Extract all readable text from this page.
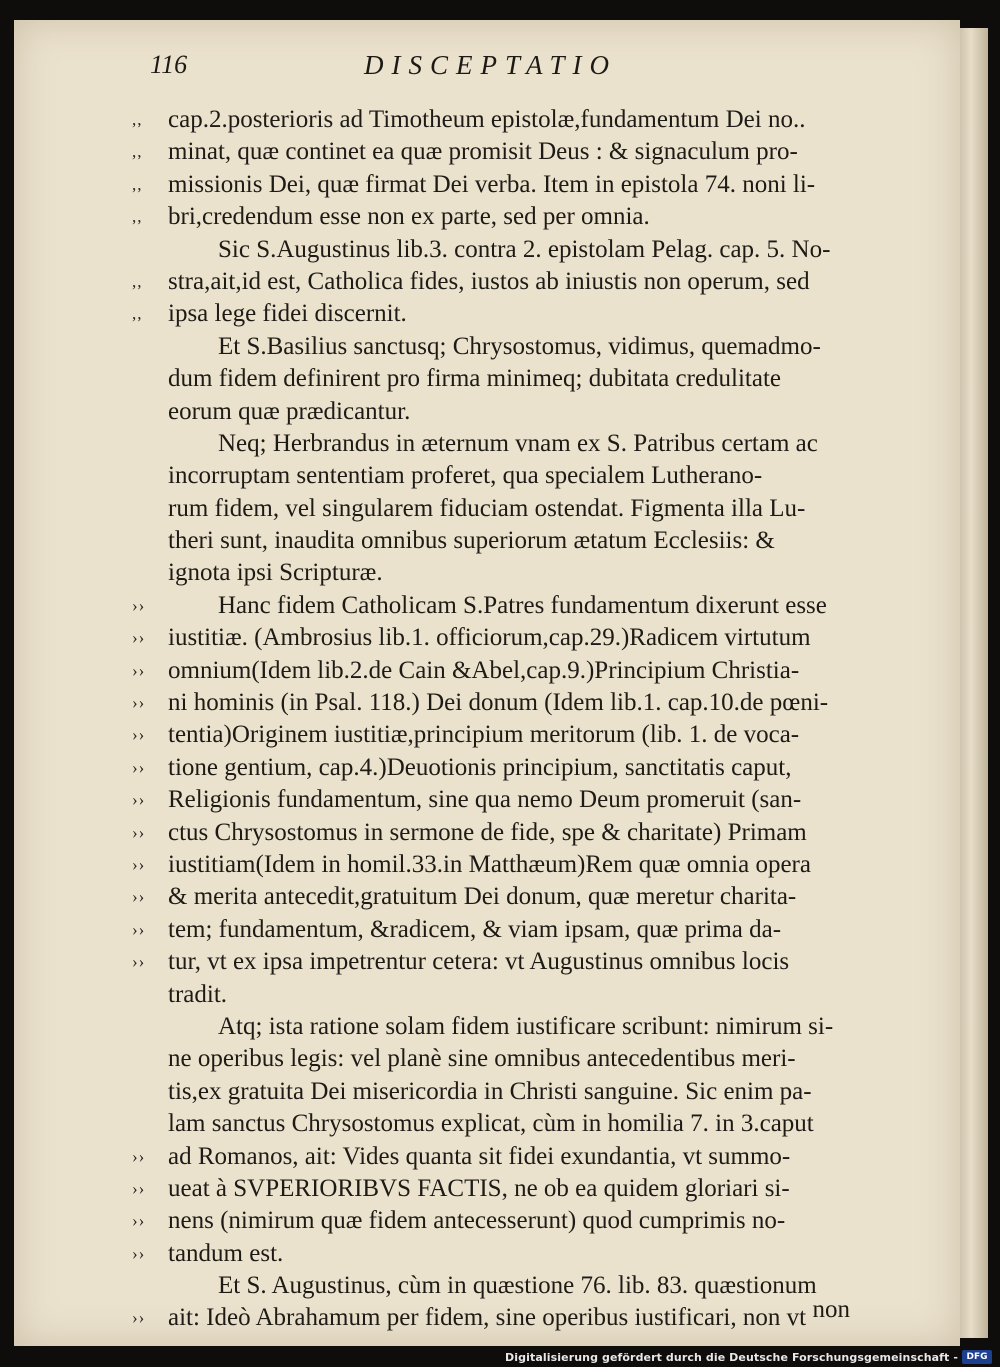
116	DISCEPTATIO
,,	cap.2.posterioris ad Timotheum epistolæ,fundamentum Dei no..
,,	minat, quæ continet ea quæ promisit Deus : & signaculum pro-
,,	missionis Dei, quæ firmat Dei verba. Item in epistola 74. noni li-
,,	bri,credendum esse non ex parte, sed per omnia.
Sic S.Augustinus lib.3. contra 2. epistolam Pelag. cap. 5. No-
,,	stra,ait,id est, Catholica fides, iustos ab iniustis non operum, sed
,,	ipsa lege fidei discernit.
Et S.Basilius sanctusq; Chrysostomus, vidimus, quemadmo-
dum fidem definirent pro firma minimeq; dubitata credulitate
eorum quæ prædicantur.
Neq; Herbrandus in æternum vnam ex S. Patribus certam ac
incorruptam sententiam proferet, qua specialem Lutherano-
rum fidem, vel singularem fiduciam ostendat. Figmenta illa Lu-
theri sunt, inaudita omnibus superiorum ætatum Ecclesiis: &
ignota ipsi Scripturæ.
››	Hanc fidem Catholicam S.Patres fundamentum dixerunt esse
›› iustitiæ. (Ambrosius lib.1. officiorum,cap.29.)Radicem virtutum
›› omnium(Idem lib.2.de Cain &Abel,cap.9.)Principium Christia-
›› ni hominis (in Psal. 118.) Dei donum (Idem lib.1. cap.10.de pœni-
›› tentia)Originem iustitiæ,principium meritorum (lib. 1. de voca-
›› tione gentium, cap.4.)Deuotionis principium, sanctitatis caput,
›› Religionis fundamentum, sine qua nemo Deum promeruit (san-
›› ctus Chrysostomus in sermone de fide, spe & charitate) Primam
›› iustitiam(Idem in homil.33.in Matthæum)Rem quæ omnia opera
›› & merita antecedit,gratuitum Dei donum, quæ meretur charita-
›› tem; fundamentum, &radicem, & viam ipsam, quæ prima da-
›› tur, vt ex ipsa impetrentur cetera: vt Augustinus omnibus locis
tradit.
Atq; ista ratione solam fidem iustificare scribunt: nimirum si-
ne operibus legis: vel planè sine omnibus antecedentibus meri-
tis,ex gratuita Dei misericordia in Christi sanguine. Sic enim pa-
lam sanctus Chrysostomus explicat, cùm in homilia 7. in 3.caput
›› ad Romanos, ait: Vides quanta sit fidei exundantia, vt summo-
›› ueat à SVPERIORIBVS FACTIS, ne ob ea quidem gloriari si-
›› nens (nimirum quæ fidem antecesserunt) quod cumprimis no-
›› tandum est.
Et S. Augustinus, cùm in quæstione 76. lib. 83. quæstionum
›› ait: Ideò Abrahamum per fidem, sine operibus iustificari, non vt non
Digitalisierung gefördert durch die Deutsche Forschungsgemeinschaft - DFG
